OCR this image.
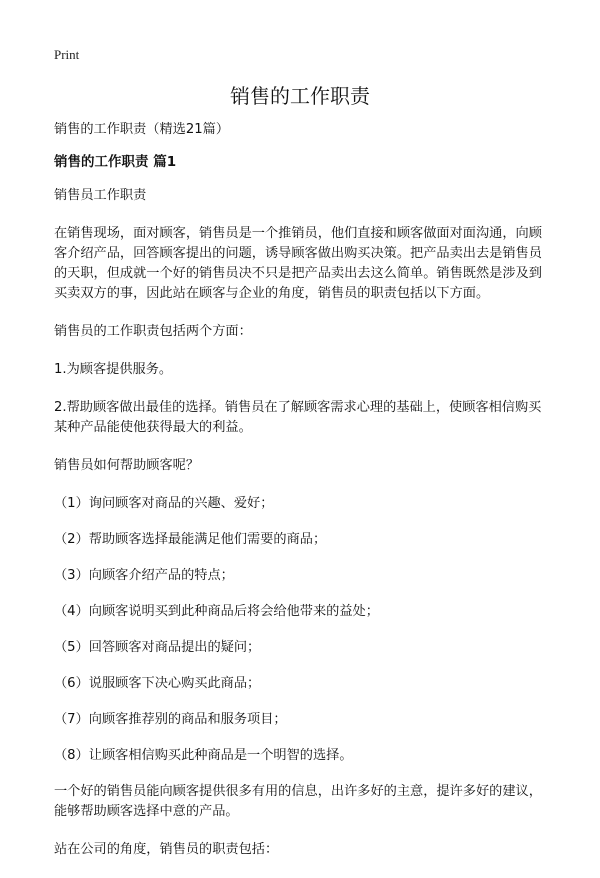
Print
销售的工作职责

销售的工作职责（精选21篇）

销售的工作职责 篇1

销售员工作职责

在销售现场，面对顾客，销售员是一个推销员，他们直接和顾客做面对面沟通，向顾客介绍产品，回答顾客提出的问题，诱导顾客做出购买决策。把产品卖出去是销售员的天职，但成就一个好的销售员决不只是把产品卖出去这么简单。销售既然是涉及到买卖双方的事，因此站在顾客与企业的角度，销售员的职责包括以下方面。

销售员的工作职责包括两个方面：

1.为顾客提供服务。

2.帮助顾客做出最佳的选择。销售员在了解顾客需求心理的基础上，使顾客相信购买某种产品能使他获得最大的利益。

销售员如何帮助顾客呢？

（1）询问顾客对商品的兴趣、爱好；

（2）帮助顾客选择最能满足他们需要的商品；

（3）向顾客介绍产品的特点；

（4）向顾客说明买到此种商品后将会给他带来的益处；

（5）回答顾客对商品提出的疑问；

（6）说服顾客下决心购买此商品；

（7）向顾客推荐别的商品和服务项目；

（8）让顾客相信购买此种商品是一个明智的选择。

一个好的销售员能向顾客提供很多有用的信息，出许多好的主意，提许多好的建议，能够帮助顾客选择中意的产品。

站在公司的角度，销售员的职责包括：
